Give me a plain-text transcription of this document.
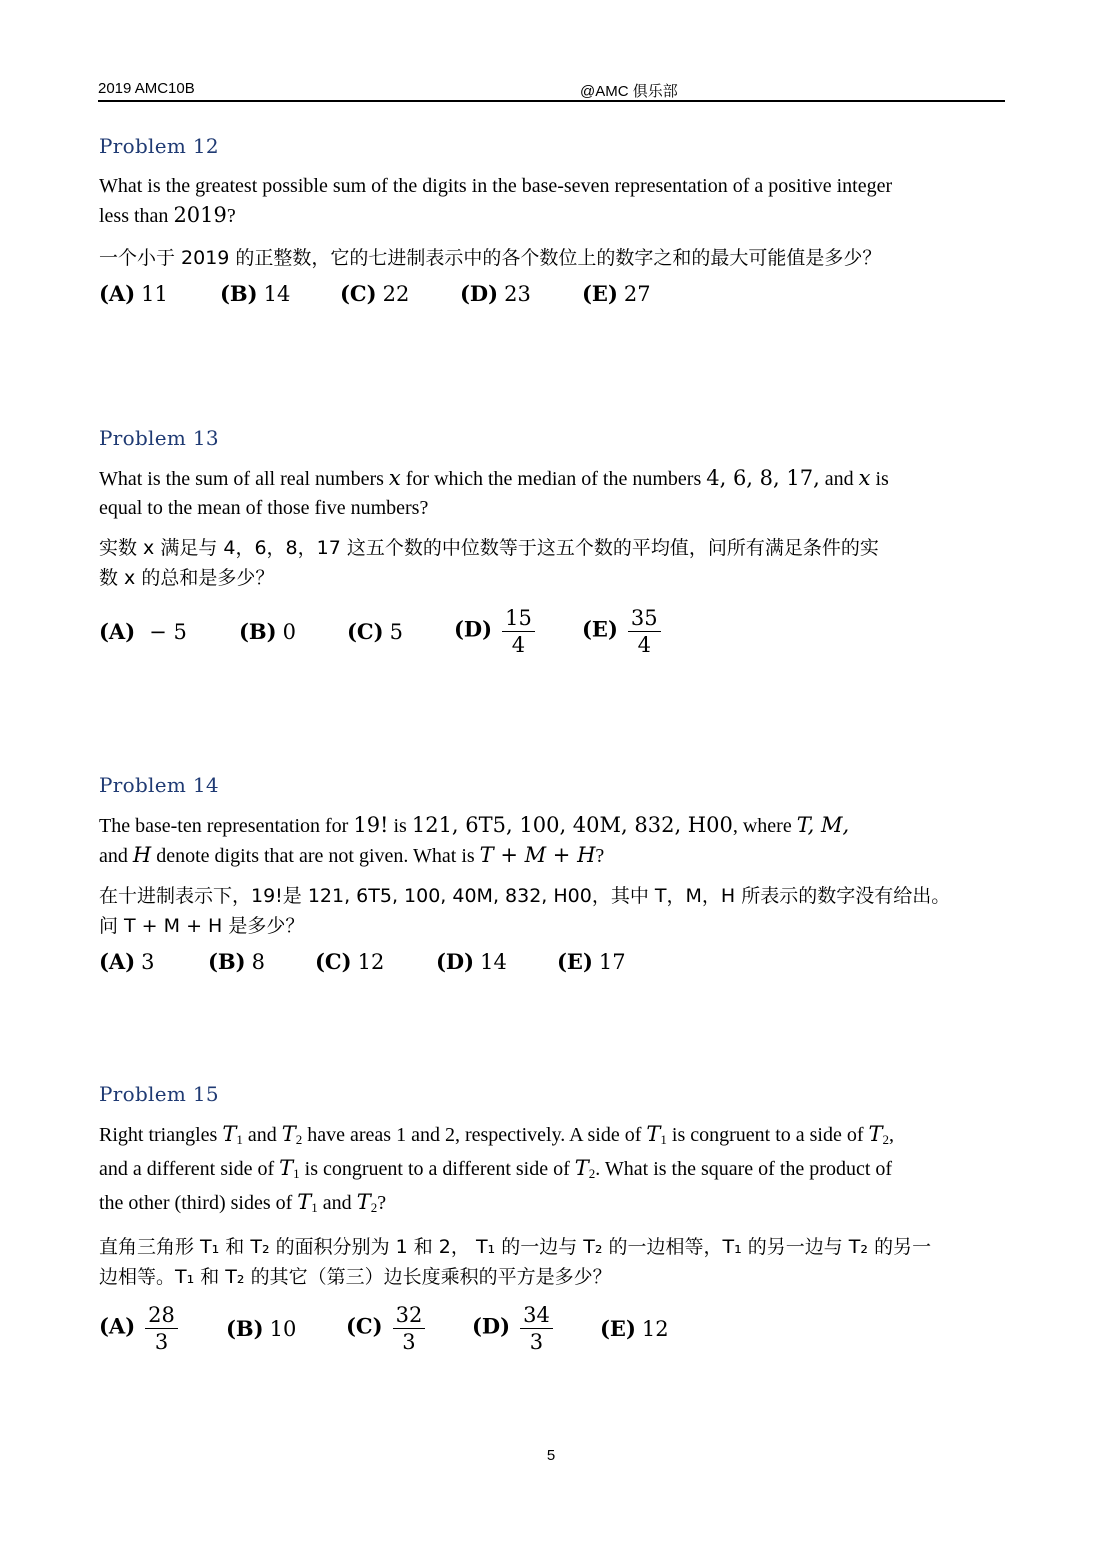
2019 AMC10B	@AMC 俱乐部
Problem 12
What is the greatest possible sum of the digits in the base-seven representation of a positive integer
less than 2019?
一个小于 2019 的正整数，它的七进制表示中的各个数位上的数字之和的最大可能值是多少？
(A) 11 (B) 14 (C) 22 (D) 23 (E) 27
Problem 13
What is the sum of all real numbers x for which the median of the numbers 4, 6, 8, 17, and x is
equal to the mean of those five numbers?
实数 x 满足与 4，6，8，17 这五个数的中位数等于这五个数的平均值，问所有满足条件的实
数 x 的总和是多少？
(A) − 5 (B) 0 (C) 5 $(D) \frac{15}{4} (E) \frac{35}{4}$
Problem 14
The base-ten representation for 19! is 121, 6T5, 100, 40M, 832, H00, where T, M,
and H denote digits that are not given. What is T + M + H?
在十进制表示下，19!是 121, 6T5, 100, 40M, 832, H00，其中 T，M，H 所表示的数字没有给出。
问 T + M + H 是多少？
(A) 3	(B) 8 (C) 12 (D) 14 (E) 17
Problem 15
Right triangles $T_1$ and $T_2$ have areas 1 and 2, respectively. A side of $T_1$ is congruent to a side of $T_2$,
and a different side of $T_1$ is congruent to a different side of $T_2$. What is the square of the product of
the other (third) sides of $T_1$ and $T_2$?
直角三角形 T₁ 和 T₂ 的面积分别为 1 和 2， T₁ 的一边与 T₂ 的一边相等，T₁ 的另一边与 T₂ 的另一
边相等。T₁ 和 T₂ 的其它（第三）边长度乘积的平方是多少？
$(A) \frac{28}{3} (B)$ 10 $(C) \frac{32}{3} (D) \frac{34}{3} (E)$ 12
5
